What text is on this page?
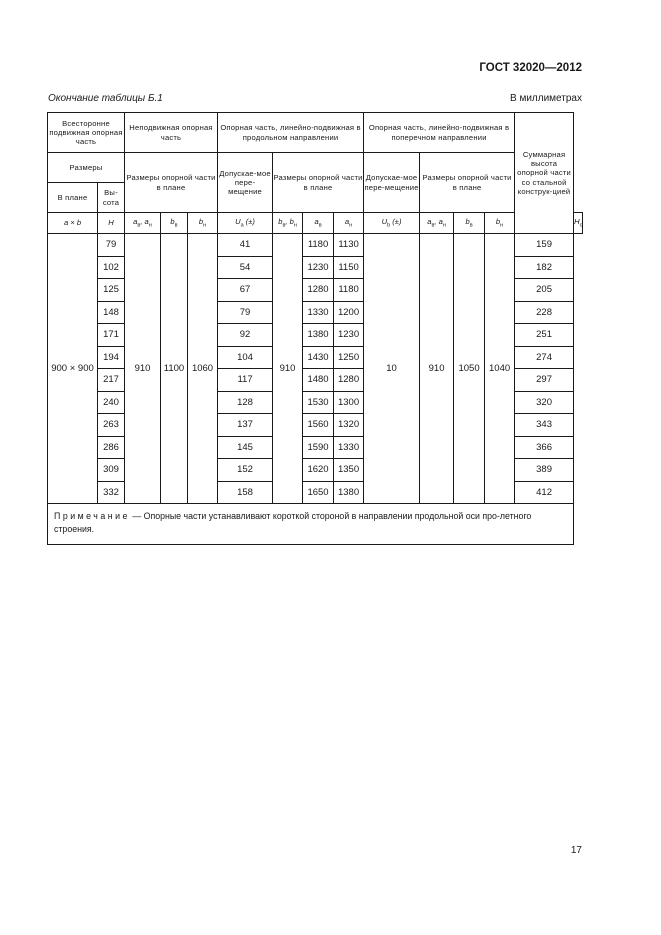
ГОСТ 32020—2012
Окончание таблицы Б.1	В миллиметрах
Всесторонне подвижная опорная часть		Неподвижная опорная часть			Опорная часть, линейно-подвижная в продольном направлении				Опорная часть, линейно-подвижная в поперечном направлении				Суммарная высота опорной части со стальной конструк-цией	
Размеры		Размеры опорной части в плане			Допускае-мое пере-мещение	Размеры опорной части в плане			Допускае-мое пере-мещение	Размеры опорной части в плане				
В плане	Вы-сота													
a × b	H	$a_в$, $a_н$	$b_в$	$b_н$	$U_a$ (±)	$b_в$, $b_н$	$a_в$	$a_н$	$U_b$ (±)	$a_в$, $a_н$	$b_в$	$b_н$		$H_с$
900 × 900	79	910	1100	1060	41	910	1180	1130	10	910	1050	1040	159	
	102				54		1230	1150					182	
	125				67		1280	1180					205	
	148				79		1330	1200					228	
	171				92		1380	1230					251	
	194				104		1430	1250					274	
	217				117		1480	1280					297	
	240				128		1530	1300					320	
	263				137		1560	1320					343	
	286				145		1590	1330					366	
	309				152		1620	1350					389	
	332				158		1650	1380					412	
Примечание — Опорные части устанавливают короткой стороной в направлении продольной оси про-летного строения.														
17
